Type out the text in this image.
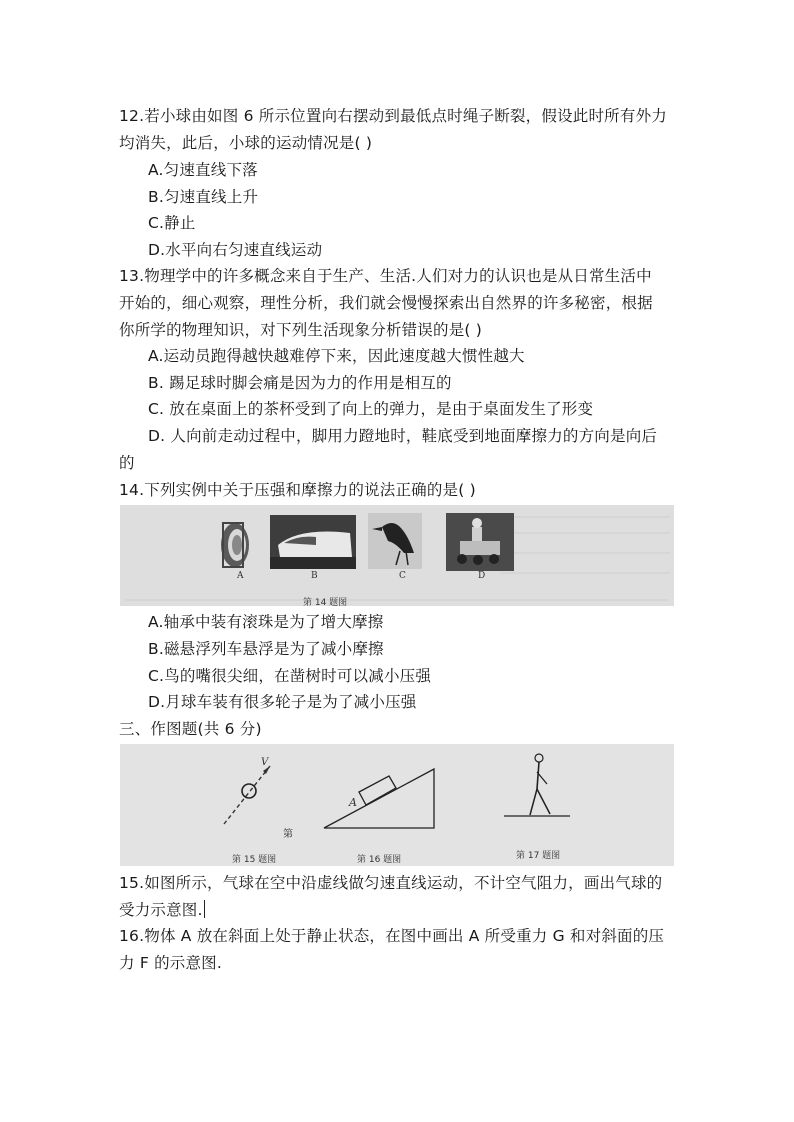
12.若小球由如图 6 所示位置向右摆动到最低点时绳子断裂，假设此时所有外力
均消失，此后，小球的运动情况是( )
A.匀速直线下落
B.匀速直线上升
C.静止
D.水平向右匀速直线运动
13.物理学中的许多概念来自于生产、生活.人们对力的认识也是从日常生活中
开始的，细心观察，理性分析，我们就会慢慢探索出自然界的许多秘密，根据
你所学的物理知识，对下列生活现象分析错误的是( )
A.运动员跑得越快越难停下来，因此速度越大惯性越大
B. 踢足球时脚会痛是因为力的作用是相互的
C. 放在桌面上的茶杯受到了向上的弹力，是由于桌面发生了形变
D. 人向前走动过程中，脚用力蹬地时，鞋底受到地面摩擦力的方向是向后
的
14.下列实例中关于压强和摩擦力的说法正确的是( )
A	B	C	D
第 14 题图
A.轴承中装有滚珠是为了增大摩擦
B.磁悬浮列车悬浮是为了减小摩擦
C.鸟的嘴很尖细，在凿树时可以减小压强
D.月球车装有很多轮子是为了减小压强
三、作图题(共 6 分)
V
第
A
第 15 题图	第 16 题图	第 17 题图
15.如图所示，气球在空中沿虚线做匀速直线运动，不计空气阻力，画出气球的
受力示意图.
16.物体 A 放在斜面上处于静止状态，在图中画出 A 所受重力 G 和对斜面的压
力 F 的示意图.
